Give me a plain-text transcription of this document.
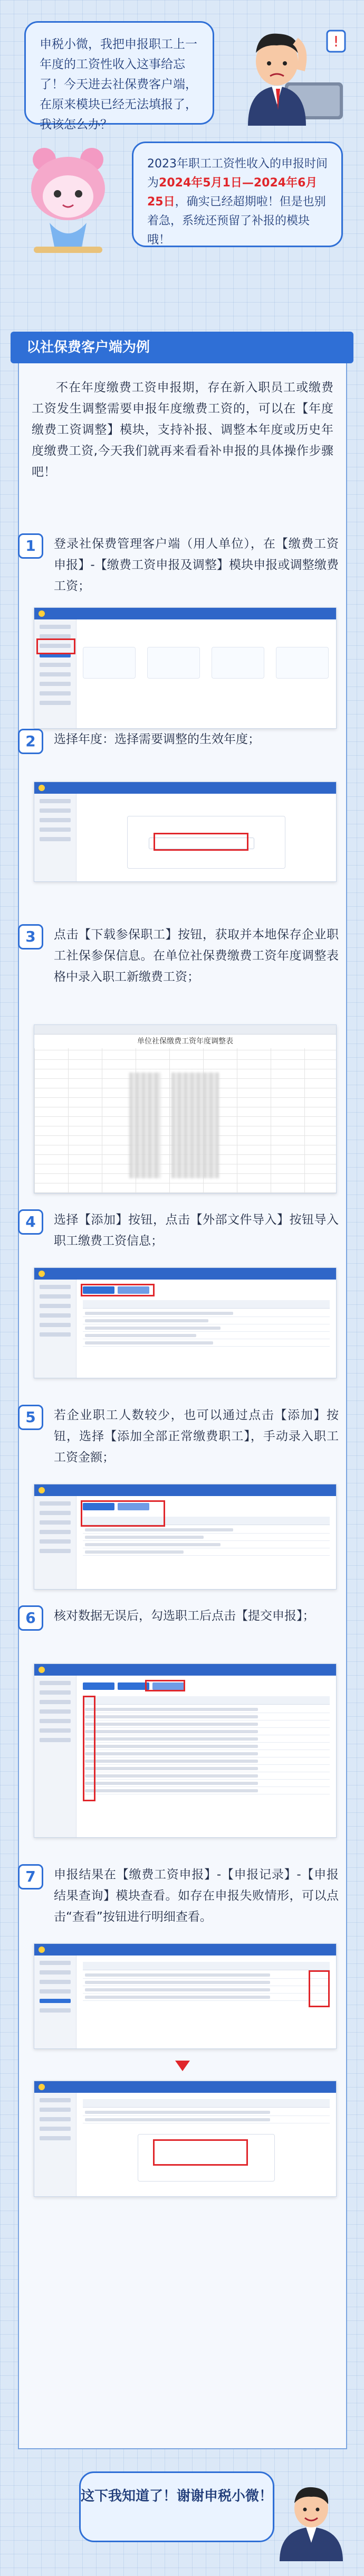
申税小微，我把申报职工上一年度的工资性收入这事给忘了！今天进去社保费客户端，在原来模块已经无法填报了，我该怎么办？
!
2023年职工工资性收入的申报时间为2024年5月1日—2024年6月25日，确实已经超期啦！但是也别着急，系统还预留了补报的模块哦！
以社保费客户端为例
不在年度缴费工资申报期，存在新入职员工或缴费工资发生调整需要申报年度缴费工资的，可以在【年度缴费工资调整】模块，支持补报、调整本年度或历史年度缴费工资,今天我们就再来看看补申报的具体操作步骤吧！
1	登录社保费管理客户端（用人单位），在【缴费工资申报】-【缴费工资申报及调整】模块申报或调整缴费工资；
2	选择年度：选择需要调整的生效年度；
3	点击【下载参保职工】按钮，获取并本地保存企业职工社保参保信息。在单位社保费缴费工资年度调整表格中录入职工新缴费工资；
单位社保缴费工资年度调整表
4	选择【添加】按钮，点击【外部文件导入】按钮导入职工缴费工资信息；
5	若企业职工人数较少，也可以通过点击【添加】按钮，选择【添加全部正常缴费职工】，手动录入职工工资金额；
6	核对数据无误后，勾选职工后点击【提交申报】；
7	申报结果在【缴费工资申报】-【申报记录】-【申报结果查询】模块查看。如存在申报失败情形，可以点击“查看”按钮进行明细查看。
这下我知道了！谢谢申税小微！
